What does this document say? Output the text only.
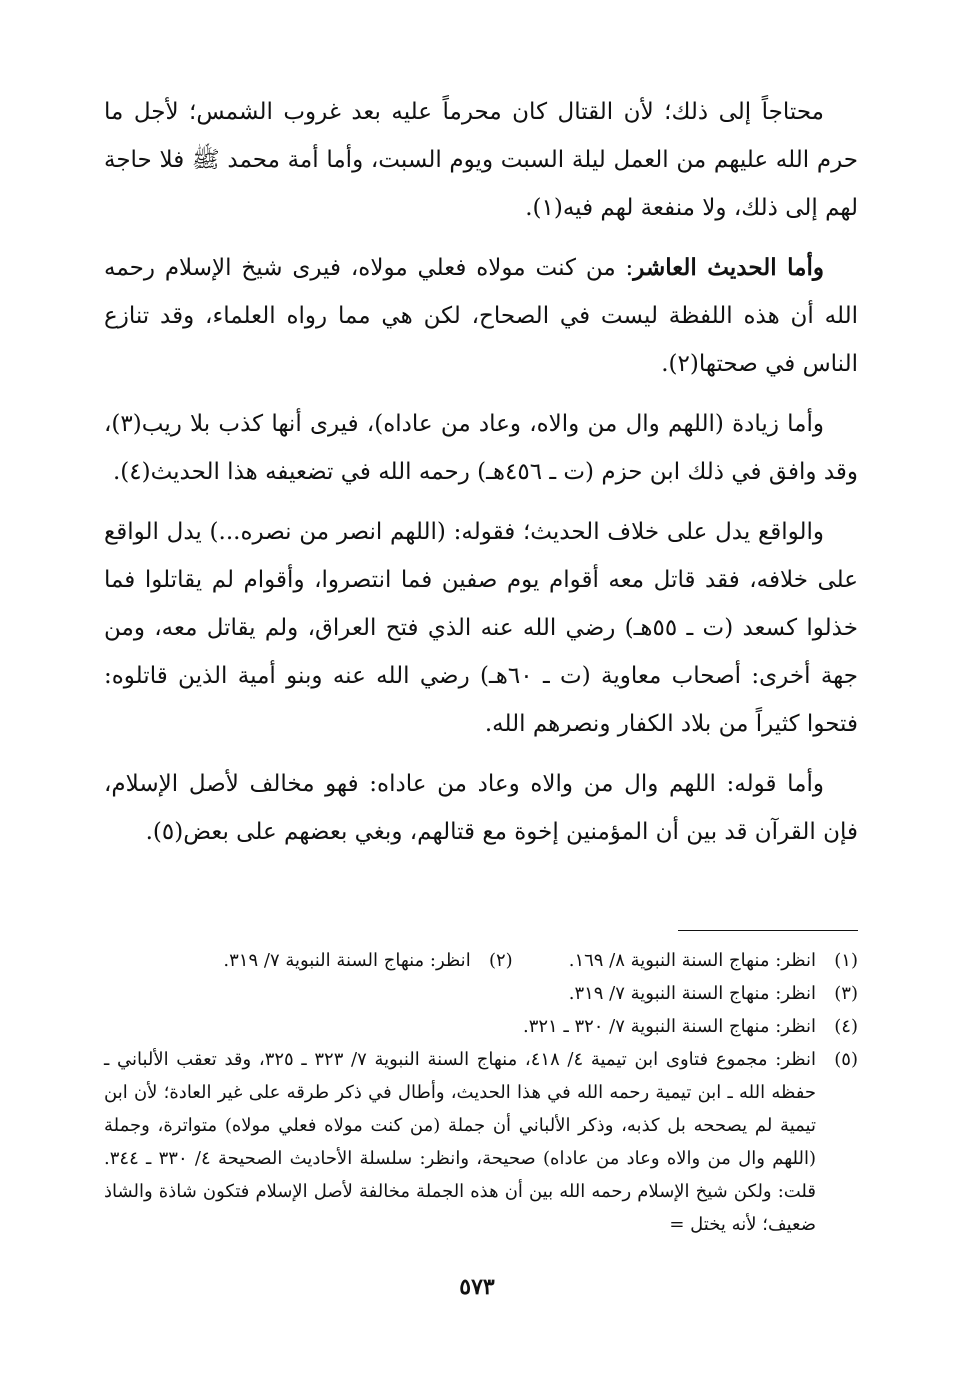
محتاجاً إلى ذلك؛ لأن القتال كان محرماً عليه بعد غروب الشمس؛ لأجل ما حرم الله عليهم من العمل ليلة السبت ويوم السبت، وأما أمة محمد ﷺ فلا حاجة لهم إلى ذلك، ولا منفعة لهم فيه(١).

وأما الحديث العاشر: من كنت مولاه فعلي مولاه، فيرى شيخ الإسلام رحمه الله أن هذه اللفظة ليست في الصحاح، لكن هي مما رواه العلماء، وقد تنازع الناس في صحتها(٢).

وأما زيادة (اللهم وال من والاه، وعاد من عاداه)، فيرى أنها كذب بلا ريب(٣)، وقد وافق في ذلك ابن حزم (ت ـ ٤٥٦هـ) رحمه الله في تضعيفه هذا الحديث(٤).

والواقع يدل على خلاف الحديث؛ فقوله: (اللهم انصر من نصره...) يدل الواقع على خلافه، فقد قاتل معه أقوام يوم صفين فما انتصروا، وأقوام لم يقاتلوا فما خذلوا كسعد (ت ـ ٥٥هـ) رضي الله عنه الذي فتح العراق، ولم يقاتل معه، ومن جهة أخرى: أصحاب معاوية (ت ـ ٦٠هـ) رضي الله عنه وبنو أمية الذين قاتلوه: فتحوا كثيراً من بلاد الكفار ونصرهم الله.

وأما قوله: اللهم وال من والاه وعاد من عاداه: فهو مخالف لأصل الإسلام، فإن القرآن قد بين أن المؤمنين إخوة مع قتالهم، وبغي بعضهم على بعض(٥).

(١)
انظر: منهاج السنة النبوية ٨/ ١٦٩.
(٢)
انظر: منهاج السنة النبوية ٧/ ٣١٩.
(٣)
انظر: منهاج السنة النبوية ٧/ ٣١٩.
(٤)
انظر: منهاج السنة النبوية ٧/ ٣٢٠ ـ ٣٢١.
(٥)
انظر: مجموع فتاوى ابن تيمية ٤/ ٤١٨، منهاج السنة النبوية ٧/ ٣٢٣ ـ ٣٢٥، وقد تعقب الألباني ـ حفظه الله ـ ابن تيمية رحمه الله في هذا الحديث، وأطال في ذكر طرقه على غير العادة؛ لأن ابن تيمية لم يصححه بل كذبه، وذكر الألباني أن جملة (من كنت مولاه فعلي مولاه) متواترة، وجملة (اللهم وال من والاه وعاد من عاداه) صحيحة، وانظر: سلسلة الأحاديث الصحيحة ٤/ ٣٣٠ ـ ٣٤٤. قلت: ولكن شيخ الإسلام رحمه الله بين أن هذه الجملة مخالفة لأصل الإسلام فتكون شاذة والشاذ ضعيف؛ لأنه يختل =
٥٧٣
